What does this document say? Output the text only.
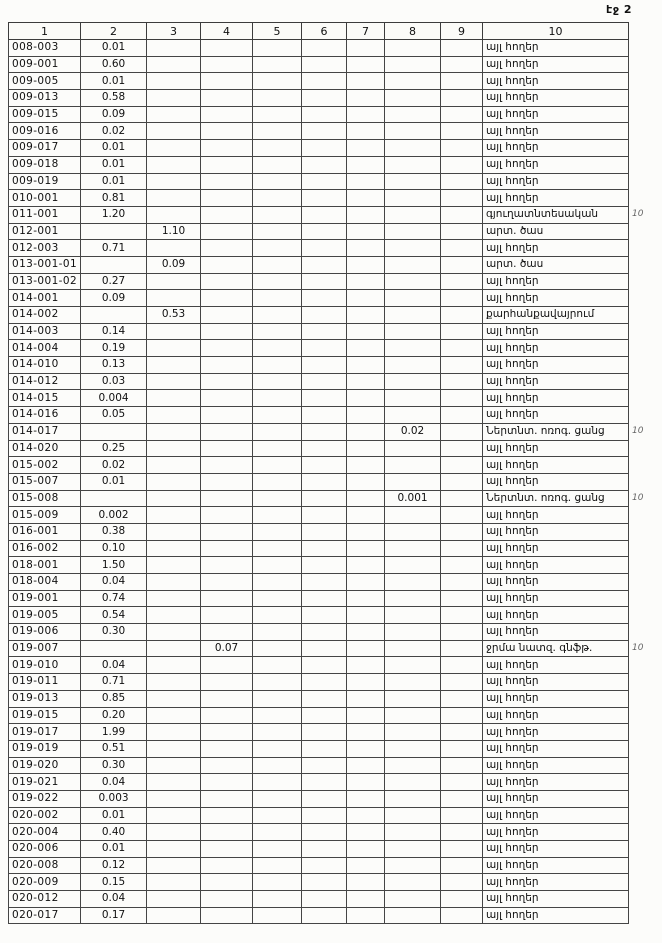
էջ 2
1	2	3	4	5	6	7	8	9	10	
008-003	0.01								այլ հողեր	
009-001	0.60								այլ հողեր	
009-005	0.01								այլ հողեր	
009-013	0.58								այլ հողեր	
009-015	0.09								այլ հողեր	
009-016	0.02								այլ հողեր	
009-017	0.01								այլ հողեր	
009-018	0.01								այլ հողեր	
009-019	0.01								այլ հողեր	
010-001	0.81								այլ հողեր	
011-001	1.20								գյուղատնտեսական	10
012-001		1.10							արտ. ծաս	
012-003	0.71								այլ հողեր	
013-001-01		0.09							արտ. ծաս	
013-001-02	0.27								այլ հողեր	
014-001	0.09								այլ հողեր	
014-002		0.53							քարհանքավայրում	
014-003	0.14								այլ հողեր	
014-004	0.19								այլ հողեր	
014-010	0.13								այլ հողեր	
014-012	0.03								այլ հողեր	
014-015	0.004								այլ հողեր	
014-016	0.05								այլ հողեր	
014-017							0.02		Ներտնտ. ոռոգ. ցանց	10
014-020	0.25								այլ հողեր	
015-002	0.02								այլ հողեր	
015-007	0.01								այլ հողեր	
015-008							0.001		Ներտնտ. ոռոգ. ցանց	10
015-009	0.002								այլ հողեր	
016-001	0.38								այլ հողեր	
016-002	0.10								այլ հողեր	
018-001	1.50								այլ հողեր	
018-004	0.04								այլ հողեր	
019-001	0.74								այլ հողեր	
019-005	0.54								այլ հողեր	
019-006	0.30								այլ հողեր	
019-007			0.07						ջրմա նատզ. գնֆթ.	10
019-010	0.04								այլ հողեր	
019-011	0.71								այլ հողեր	
019-013	0.85								այլ հողեր	
019-015	0.20								այլ հողեր	
019-017	1.99								այլ հողեր	
019-019	0.51								այլ հողեր	
019-020	0.30								այլ հողեր	
019-021	0.04								այլ հողեր	
019-022	0.003								այլ հողեր	
020-002	0.01								այլ հողեր	
020-004	0.40								այլ հողեր	
020-006	0.01								այլ հողեր	
020-008	0.12								այլ հողեր	
020-009	0.15								այլ հողեր	
020-012	0.04								այլ հողեր	
020-017	0.17								այլ հողեր	
